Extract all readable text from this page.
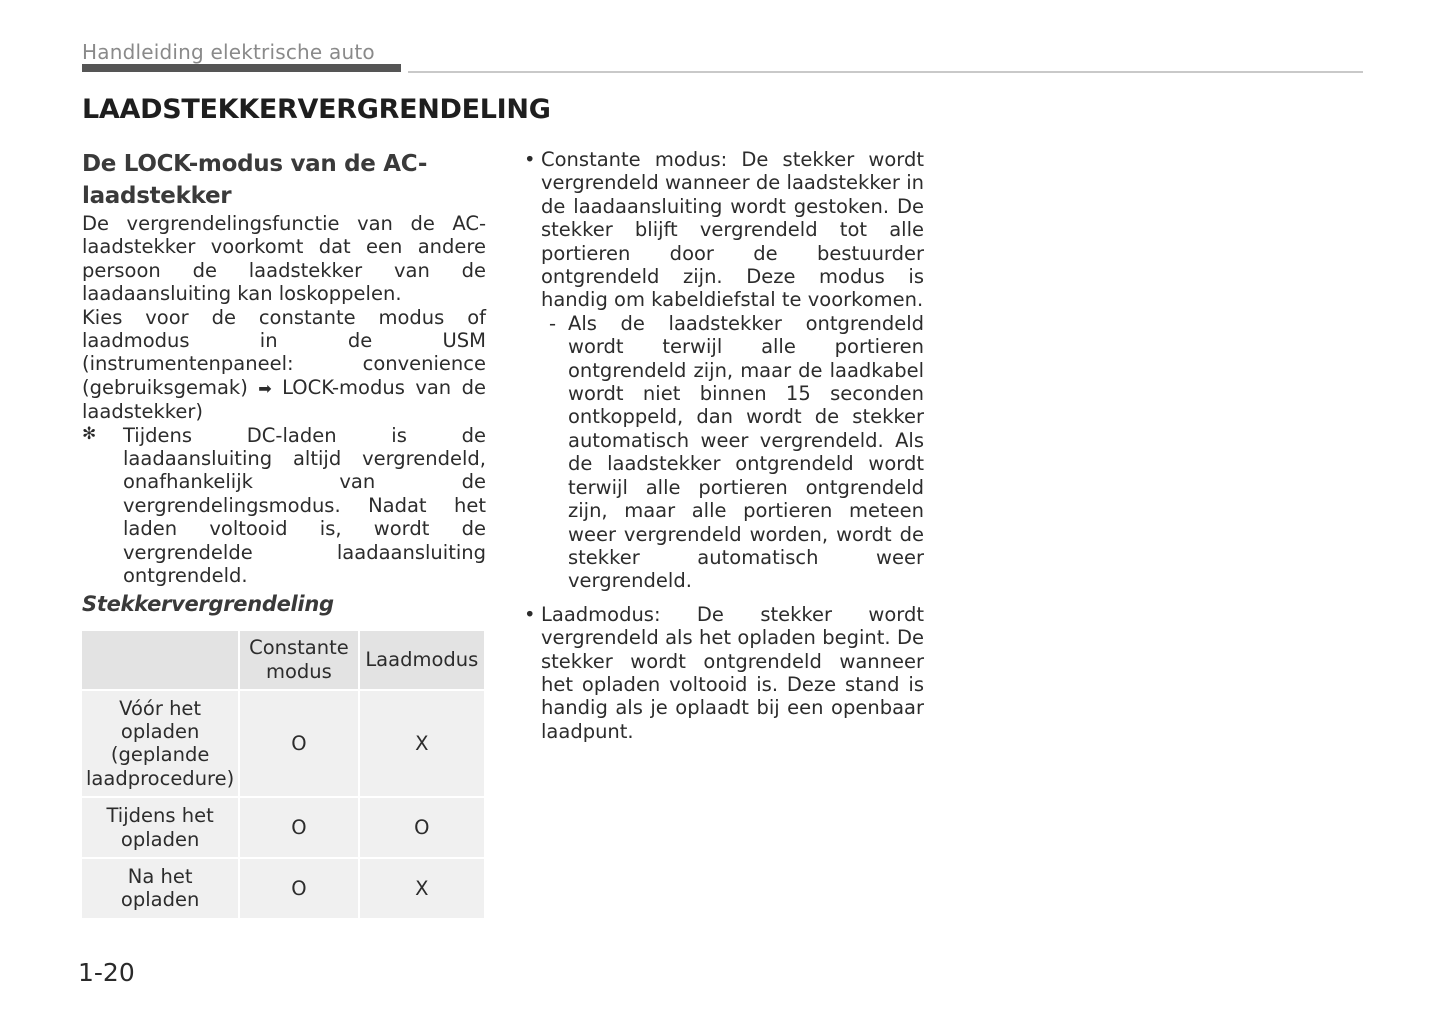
Handleiding elektrische auto
LAADSTEKKERVERGRENDELING
De LOCK-modus van de AC-laadstekker

De vergrendelingsfunctie van de AC-laadstekker voorkomt dat een andere persoon de laadstekker van de laadaansluiting kan loskoppelen.

Kies voor de constante modus of laadmodus in de USM (instrumentenpaneel: convenience (gebruiksgemak) ➡ LOCK-modus van de laadstekker)

✻ Tijdens DC-laden is de laadaansluiting altijd vergrendeld, onafhankelijk van de vergrendelingsmodus. Nadat het laden voltooid is, wordt de vergrendelde laadaansluiting ontgrendeld.

Stekkervergrendeling
	Constante modus	Laadmodus
Vóór het opladen (geplande laadprocedure)	O	X
Tijdens het opladen	O	O
Na het opladen	O	X
• Constante modus: De stekker wordt vergrendeld wanneer de laadstekker in de laadaansluiting wordt gestoken. De stekker blijft vergrendeld tot alle portieren door de bestuurder ontgrendeld zijn. Deze modus is handig om kabeldiefstal te voorkomen.

- Als de laadstekker ontgrendeld wordt terwijl alle portieren ontgrendeld zijn, maar de laadkabel wordt niet binnen 15 seconden ontkoppeld, dan wordt de stekker automatisch weer vergrendeld. Als de laadstekker ontgrendeld wordt terwijl alle portieren ontgrendeld zijn, maar alle portieren meteen weer vergrendeld worden, wordt de stekker automatisch weer vergrendeld.

• Laadmodus: De stekker wordt vergrendeld als het opladen begint. De stekker wordt ontgrendeld wanneer het opladen voltooid is. Deze stand is handig als je oplaadt bij een openbaar laadpunt.

1-20
